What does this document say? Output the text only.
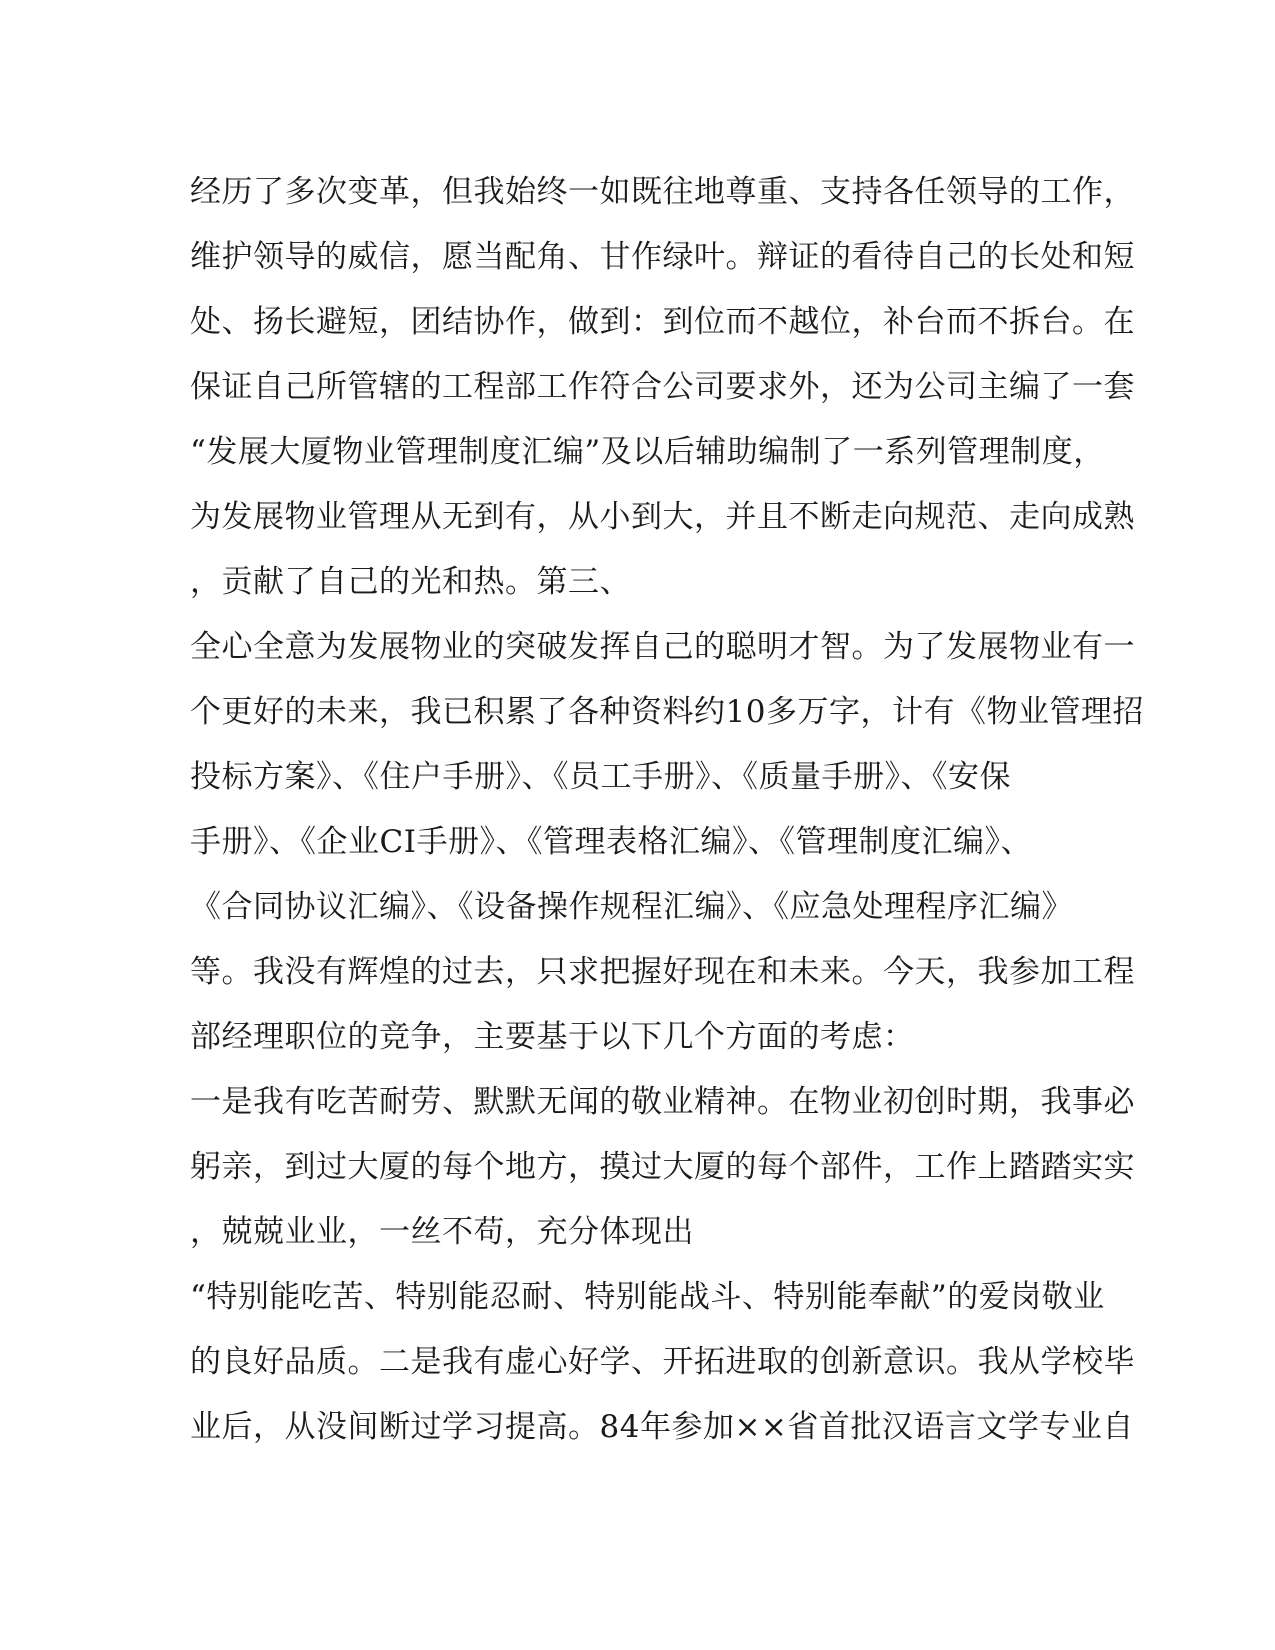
经历了多次变革，但我始终一如既往地尊重、支持各任领导的工作，
维护领导的威信，愿当配角、甘作绿叶。辩证的看待自己的长处和短
处、扬长避短，团结协作，做到：到位而不越位，补台而不拆台。在
保证自己所管辖的工程部工作符合公司要求外，还为公司主编了一套
“发展大厦物业管理制度汇编”及以后辅助编制了一系列管理制度，
为发展物业管理从无到有，从小到大，并且不断走向规范、走向成熟
，贡献了自己的光和热。第三、
全心全意为发展物业的突破发挥自己的聪明才智。为了发展物业有一
个更好的未来，我已积累了各种资料约10多万字，计有《物业管理招
投标方案》、《住户手册》、《员工手册》、《质量手册》、《安保
手册》、《企业CI手册》、《管理表格汇编》、《管理制度汇编》、
《合同协议汇编》、《设备操作规程汇编》、《应急处理程序汇编》
等。我没有辉煌的过去，只求把握好现在和未来。今天，我参加工程
部经理职位的竞争，主要基于以下几个方面的考虑：
一是我有吃苦耐劳、默默无闻的敬业精神。在物业初创时期，我事必
躬亲，到过大厦的每个地方，摸过大厦的每个部件，工作上踏踏实实
，兢兢业业，一丝不苟，充分体现出
“特别能吃苦、特别能忍耐、特别能战斗、特别能奉献”的爱岗敬业
的良好品质。二是我有虚心好学、开拓进取的创新意识。我从学校毕
业后，从没间断过学习提高。84年参加××省首批汉语言文学专业自
